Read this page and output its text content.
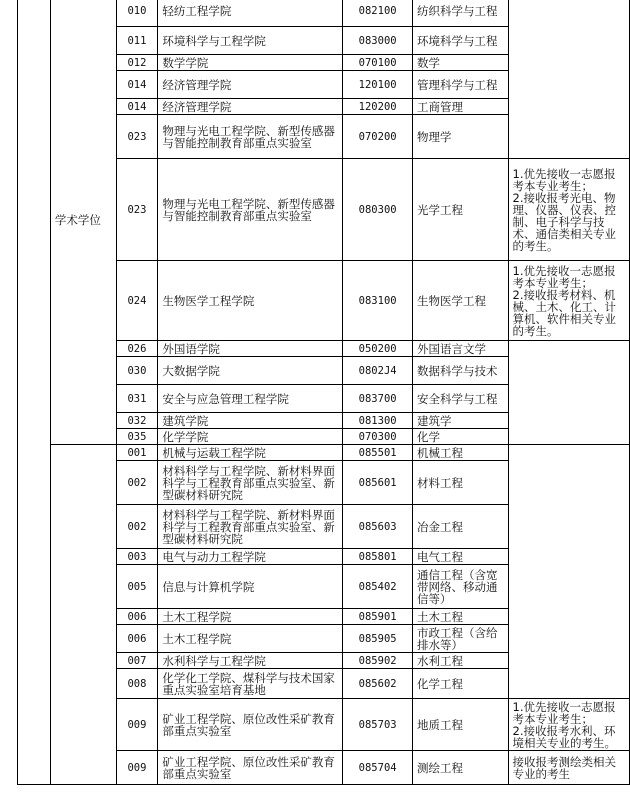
	学术学位	010	轻纺工程学院	082100	纺织科学与工程	
		011	环境科学与工程学院	083000	环境科学与工程	
		012	数学学院	070100	数学	
		014	经济管理学院	120100	管理科学与工程	
		014	经济管理学院	120200	工商管理	
		023	物理与光电工程学院、新型传感器与智能控制教育部重点实验室	070200	物理学	
		023	物理与光电工程学院、新型传感器与智能控制教育部重点实验室	080300	光学工程	1.优先接收一志愿报考本专业考生；
2.接收报考光电、物理、仪器、仪表、控制、电子科学与技术、通信类相关专业的考生。

		024	生物医学工程学院	083100	生物医学工程	1.优先接收一志愿报考本专业考生；
2.接收报考材料、机械、土木、化工、计算机、软件相关专业的考生。

		026	外国语学院	050200	外国语言文学	
		030	大数据学院	0802J4	数据科学与技术	
		031	安全与应急管理工程学院	083700	安全科学与工程	
		032	建筑学院	081300	建筑学	
		035	化学学院	070300	化学	
		001	机械与运载工程学院	085501	机械工程	
		002	材料科学与工程学院、新材料界面科学与工程教育部重点实验室、新型碳材料研究院	085601	材料工程	
		002	材料科学与工程学院、新材料界面科学与工程教育部重点实验室、新型碳材料研究院	085603	冶金工程	
		003	电气与动力工程学院	085801	电气工程	
		005	信息与计算机学院	085402	通信工程（含宽带网络、移动通信等）	
		006	土木工程学院	085901	土木工程	
		006	土木工程学院	085905	市政工程（含给排水等）	
		007	水利科学与工程学院	085902	水利工程	
		008	化学化工学院、煤科学与技术国家重点实验室培育基地	085602	化学工程	
		009	矿业工程学院、原位改性采矿教育部重点实验室	085703	地质工程	1.优先接收一志愿报考本专业考生；
2.接收报考水利、环境相关专业的考生。

		009	矿业工程学院、原位改性采矿教育部重点实验室	085704	测绘工程	接收报考测绘类相关专业的考生
